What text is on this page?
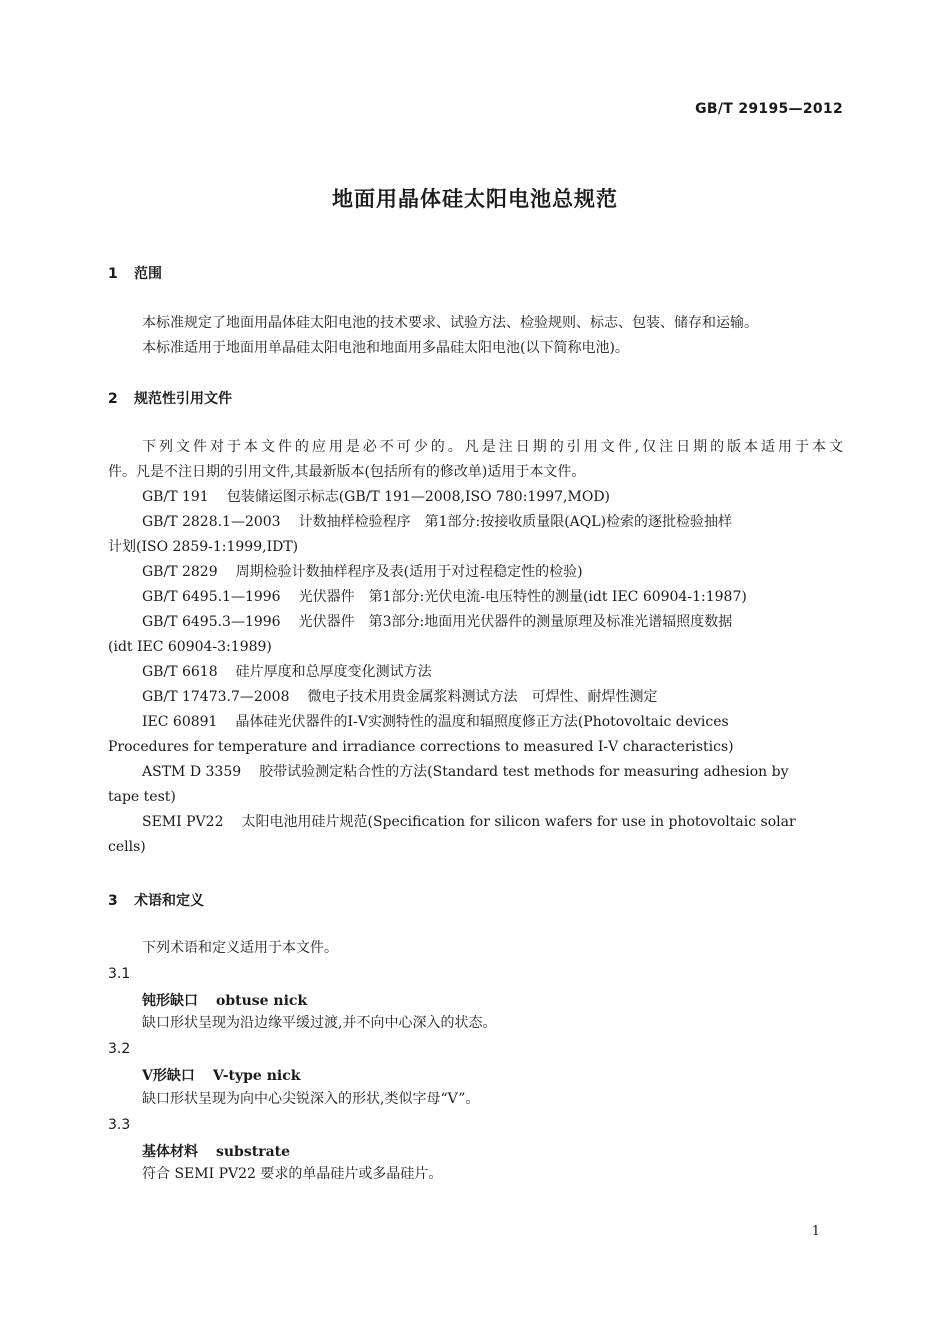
GB/T 29195—2012
地面用晶体硅太阳电池总规范
1 范围
本标准规定了地面用晶体硅太阳电池的技术要求、试验方法、检验规则、标志、包装、储存和运输。
本标准适用于地面用单晶硅太阳电池和地面用多晶硅太阳电池(以下简称电池)。
2 规范性引用文件
下列文件对于本文件的应用是必不可少的。凡是注日期的引用文件,仅注日期的版本适用于本文
件。凡是不注日期的引用文件,其最新版本(包括所有的修改单)适用于本文件。
GB/T 191 包装储运图示标志(GB/T 191—2008,ISO 780:1997,MOD)
GB/T 2828.1—2003 计数抽样检验程序　第1部分:按接收质量限(AQL)检索的逐批检验抽样
计划(ISO 2859-1:1999,IDT)
GB/T 2829 周期检验计数抽样程序及表(适用于对过程稳定性的检验)
GB/T 6495.1—1996 光伏器件　第1部分:光伏电流-电压特性的测量(idt IEC 60904-1:1987)
GB/T 6495.3—1996 光伏器件　第3部分:地面用光伏器件的测量原理及标准光谱辐照度数据
(idt IEC 60904-3:1989)
GB/T 6618 硅片厚度和总厚度变化测试方法
GB/T 17473.7—2008 微电子技术用贵金属浆料测试方法　可焊性、耐焊性测定
IEC 60891 晶体硅光伏器件的Ⅰ-Ⅴ实测特性的温度和辐照度修正方法(Photovoltaic devices
Procedures for temperature and irradiance corrections to measured Ⅰ-Ⅴ characteristics)
ASTM D 3359 胶带试验测定粘合性的方法(Standard test methods for measuring adhesion by
tape test)
SEMI PV22 太阳电池用硅片规范(Specification for silicon wafers for use in photovoltaic solar
cells)
3 术语和定义
下列术语和定义适用于本文件。
3.1
钝形缺口 obtuse nick
缺口形状呈现为沿边缘平缓过渡,并不向中心深入的状态。
3.2
V形缺口 V-type nick
缺口形状呈现为向中心尖锐深入的形状,类似字母“V”。
3.3
基体材料 substrate
符合 SEMI PV22 要求的单晶硅片或多晶硅片。
1
